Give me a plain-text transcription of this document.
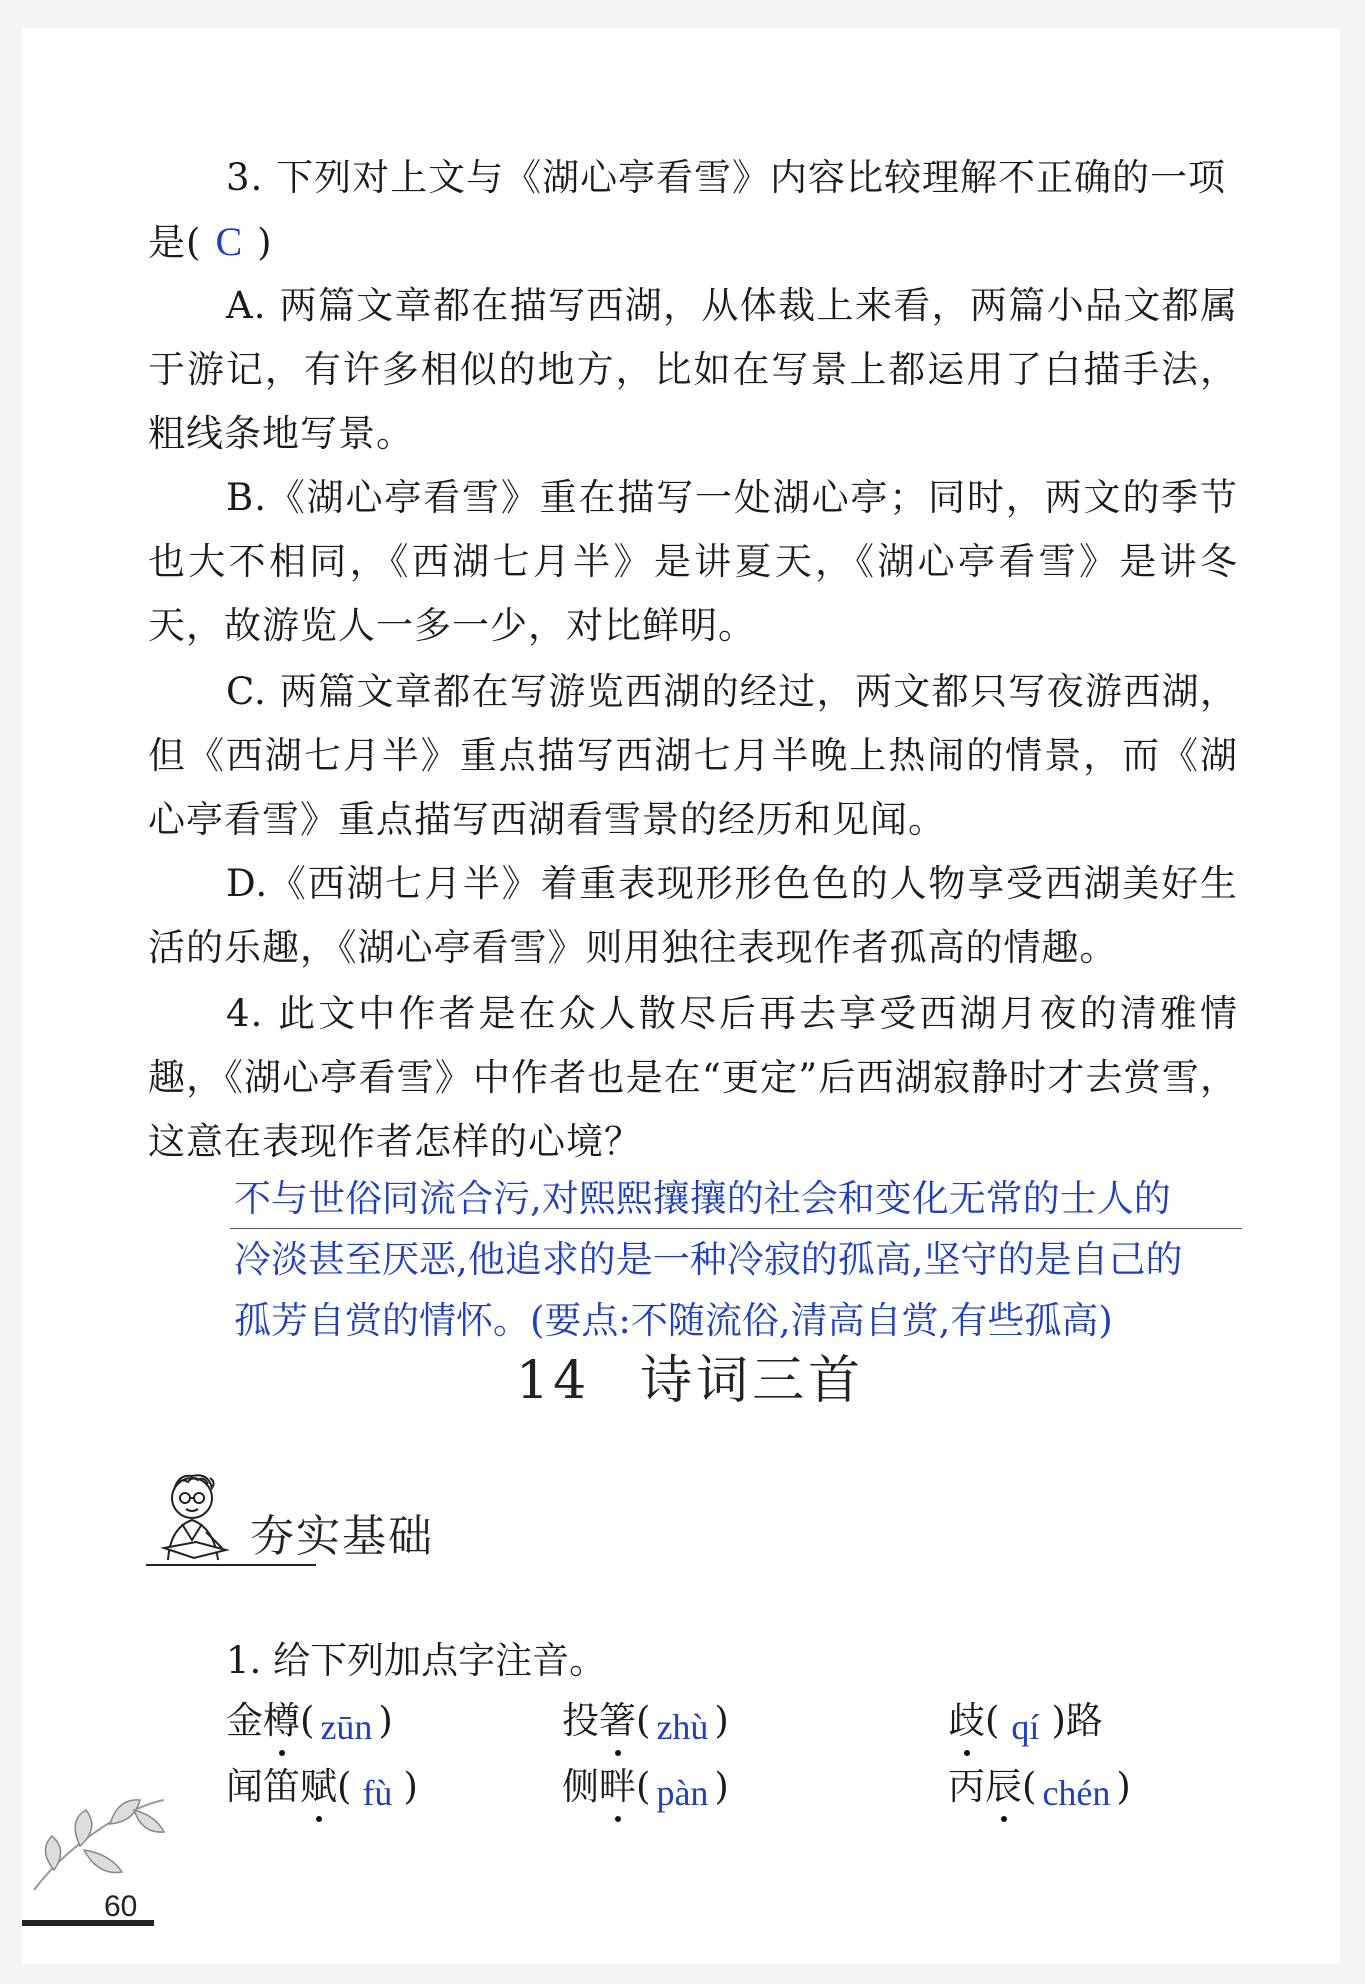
3. 下列对上文与《湖心亭看雪》内容比较理解不正确的一项

是( C )

A. 两篇文章都在描写西湖，从体裁上来看，两篇小品文都属于游记，有许多相似的地方，比如在写景上都运用了白描手法，粗线条地写景。

B.《湖心亭看雪》重在描写一处湖心亭；同时，两文的季节也大不相同，《西湖七月半》是讲夏天，《湖心亭看雪》是讲冬天，故游览人一多一少，对比鲜明。

C. 两篇文章都在写游览西湖的经过，两文都只写夜游西湖，但《西湖七月半》重点描写西湖七月半晚上热闹的情景，而《湖心亭看雪》重点描写西湖看雪景的经历和见闻。

D.《西湖七月半》着重表现形形色色的人物享受西湖美好生活的乐趣，《湖心亭看雪》则用独往表现作者孤高的情趣。

4. 此文中作者是在众人散尽后再去享受西湖月夜的清雅情趣，《湖心亭看雪》中作者也是在“更定”后西湖寂静时才去赏雪，这意在表现作者怎样的心境？

不与世俗同流合污,对熙熙攘攘的社会和变化无常的士人的

冷淡甚至厌恶,他追求的是一种冷寂的孤高,坚守的是自己的

孤芳自赏的情怀。(要点:不随流俗,清高自赏,有些孤高)

14 诗词三首
夯实基础
1. 给下列加点字注音。
金樽( zūn )	投箸( zhù )	歧( qí )路
闻笛赋( fù )	侧畔( pàn )	丙辰( chén )
60
